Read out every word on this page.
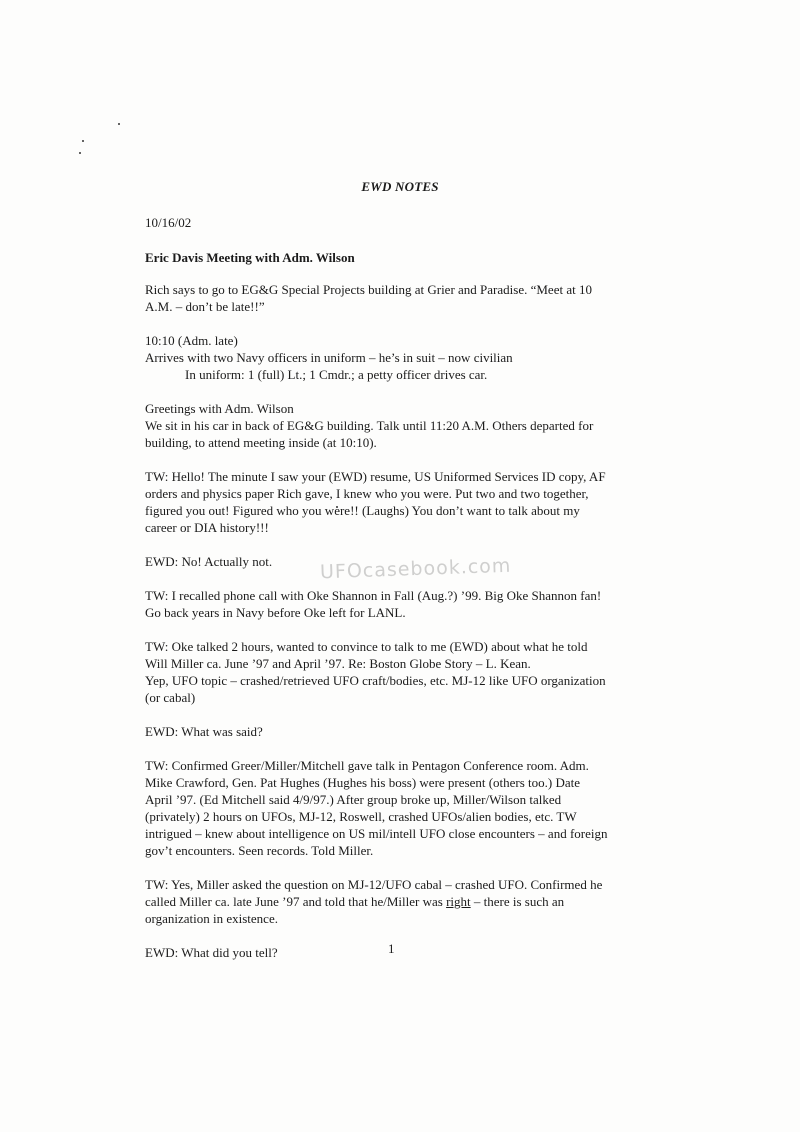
EWD NOTES
10/16/02
Eric Davis Meeting with Adm. Wilson
Rich says to go to EG&G Special Projects building at Grier and Paradise. “Meet at 10
A.M. – don’t be late!!”
10:10 (Adm. late)
Arrives with two Navy officers in uniform – he’s in suit – now civilian
In uniform: 1 (full) Lt.; 1 Cmdr.; a petty officer drives car.
Greetings with Adm. Wilson
We sit in his car in back of EG&G building. Talk until 11:20 A.M. Others departed for
building, to attend meeting inside (at 10:10).
TW: Hello! The minute I saw your (EWD) resume, US Uniformed Services ID copy, AF
orders and physics paper Rich gave, I knew who you were. Put two and two together,
figured you out! Figured who you were!! (Laughs) You don’t want to talk about my
career or DIA history!!!
EWD: No! Actually not.
TW: I recalled phone call with Oke Shannon in Fall (Aug.?) ’99. Big Oke Shannon fan!
Go back years in Navy before Oke left for LANL.
TW: Oke talked 2 hours, wanted to convince to talk to me (EWD) about what he told
Will Miller ca. June ’97 and April ’97. Re: Boston Globe Story – L. Kean.
Yep, UFO topic – crashed/retrieved UFO craft/bodies, etc. MJ-12 like UFO organization
(or cabal)
EWD: What was said?
TW: Confirmed Greer/Miller/Mitchell gave talk in Pentagon Conference room. Adm.
Mike Crawford, Gen. Pat Hughes (Hughes his boss) were present (others too.) Date
April ’97. (Ed Mitchell said 4/9/97.) After group broke up, Miller/Wilson talked
(privately) 2 hours on UFOs, MJ-12, Roswell, crashed UFOs/alien bodies, etc. TW
intrigued – knew about intelligence on US mil/intell UFO close encounters – and foreign
gov’t encounters. Seen records. Told Miller.
TW: Yes, Miller asked the question on MJ-12/UFO cabal – crashed UFO. Confirmed he
called Miller ca. late June ’97 and told that he/Miller was right – there is such an
organization in existence.
EWD: What did you tell?
UFOcasebook.com
1
